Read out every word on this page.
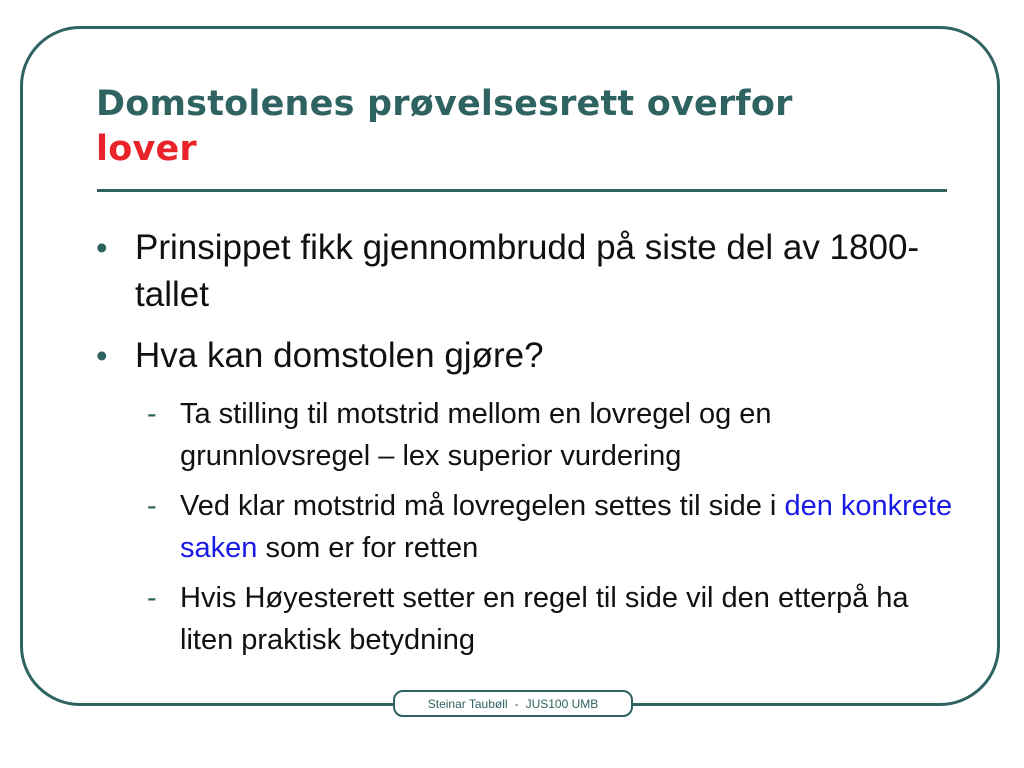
Domstolenes prøvelsesrett overfor
lover
• Prinsippet fikk gjennombrudd på siste del av 1800-tallet
• Hva kan domstolen gjøre?
- Ta stilling til motstrid mellom en lovregel og en grunnlovsregel – lex superior vurdering
- Ved klar motstrid må lovregelen settes til side i den konkrete saken som er for retten
- Hvis Høyesterett setter en regel til side vil den etterpå ha liten praktisk betydning
Steinar Taubøll - JUS100 UMB
